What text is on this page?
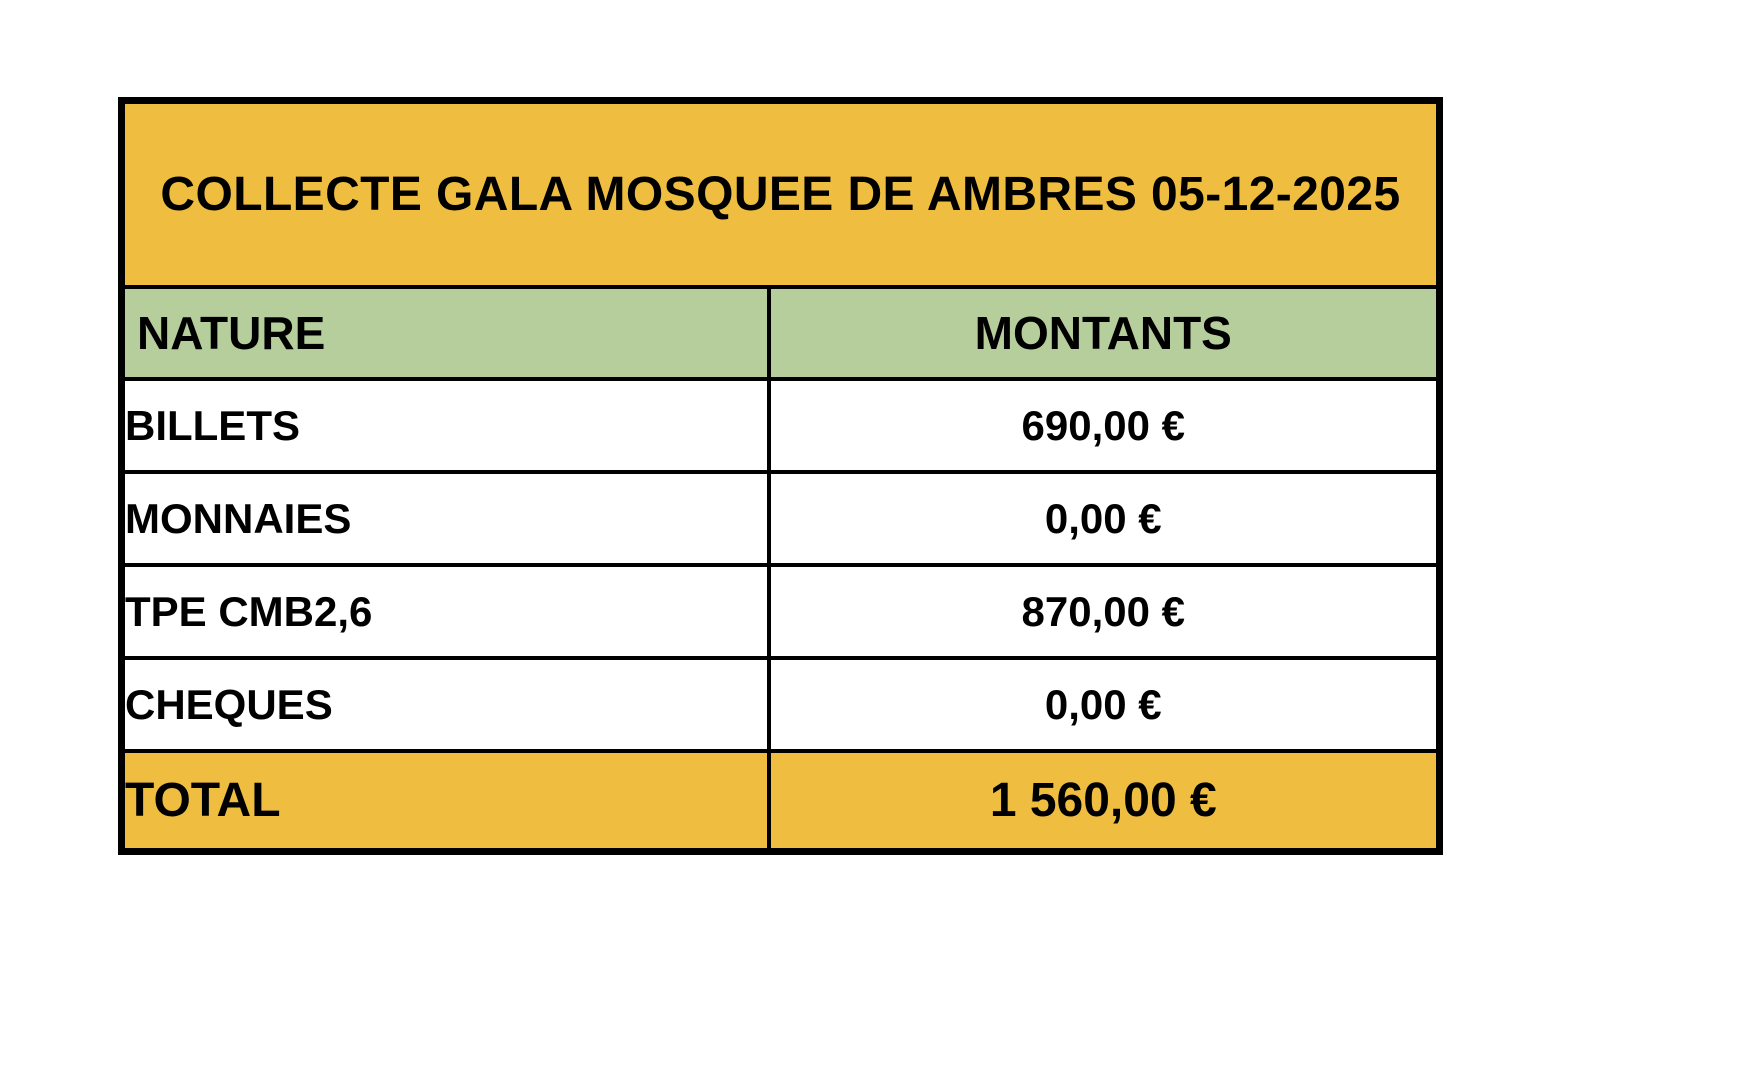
COLLECTE GALA MOSQUEE DE AMBRES 05-12-2025	
NATURE	MONTANTS
BILLETS	690,00 €
MONNAIES	0,00 €
TPE CMB2,6	870,00 €
CHEQUES	0,00 €
TOTAL	1 560,00 €
